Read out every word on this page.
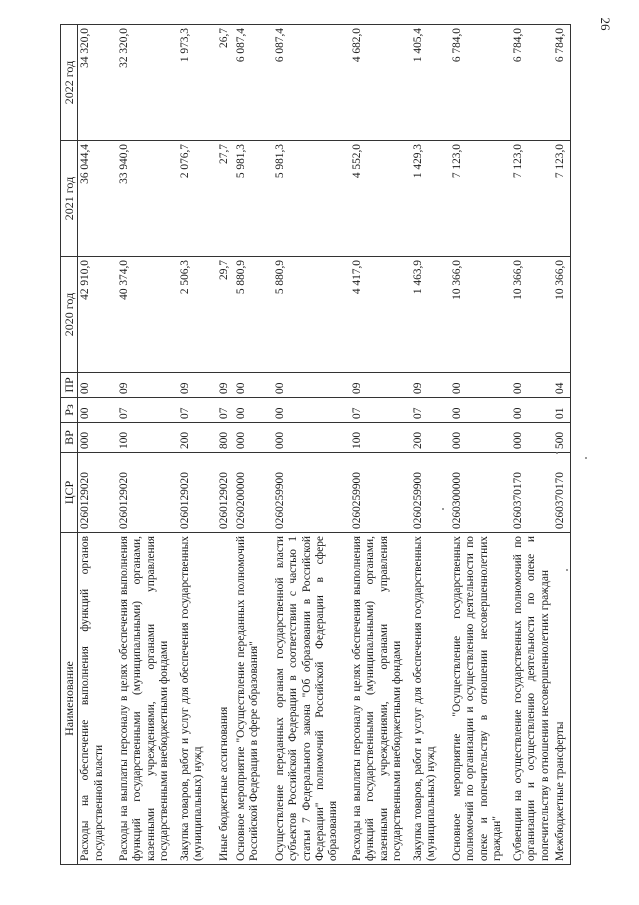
26
Наименование	ЦСР	ВР	Рз	ПР	2020 год	2021 год	2022 год
Расходы на обеспечение выполнения функций органов государственной власти	0260129020	000	00	00	42 910,0	36 044,4	34 320,0
Расходы на выплаты персоналу в целях обеспечения выполнения функций государственными (муниципальными) органами, казенными учреждениями, органами управления государственными внебюджетными фондами	0260129020	100	07	09	40 374,0	33 940,0	32 320,0
Закупка товаров, работ и услуг для обеспечения государственных (муниципальных) нужд	0260129020	200	07	09	2 506,3	2 076,7	1 973,3
Иные бюджетные ассигнования	0260129020	800	07	09	29,7	27,7	26,7
Основное мероприятие "Осуществление переданных полномочий Российской Федерации в сфере образования"	0260200000	000	00	00	5 880,9	5 981,3	6 087,4
Осуществление переданных органам государственной власти субъектов Российской Федерации в соответствии с частью 1 статьи 7 Федерального закона "Об образовании в Российской Федерации" полномочий Российской Федерации в сфере образования	0260259900	000	00	00	5 880,9	5 981,3	6 087,4
Расходы на выплаты персоналу в целях обеспечения выполнения функций государственными (муниципальными) органами, казенными учреждениями, органами управления государственными внебюджетными фондами	0260259900	100	07	09	4 417,0	4 552,0	4 682,0
Закупка товаров, работ и услуг для обеспечения государственных (муниципальных) нужд	0260259900	200	07	09	1 463,9	1 429,3	1 405,4
Основное мероприятие "Осуществление государственных полномочий по организации и осуществлению деятельности по опеке и попечительству в отношении несовершеннолетних граждан"	0260300000	000	00	00	10 366,0	7 123,0	6 784,0
Субвенции на осуществление государственных полномочий по организации и осуществлению деятельности по опеке и попечительству в отношении несовершеннолетних граждан	0260370170	000	00	00	10 366,0	7 123,0	6 784,0
Межбюджетные трансферты	0260370170	500	01	04	10 366,0	7 123,0	6 784,0
